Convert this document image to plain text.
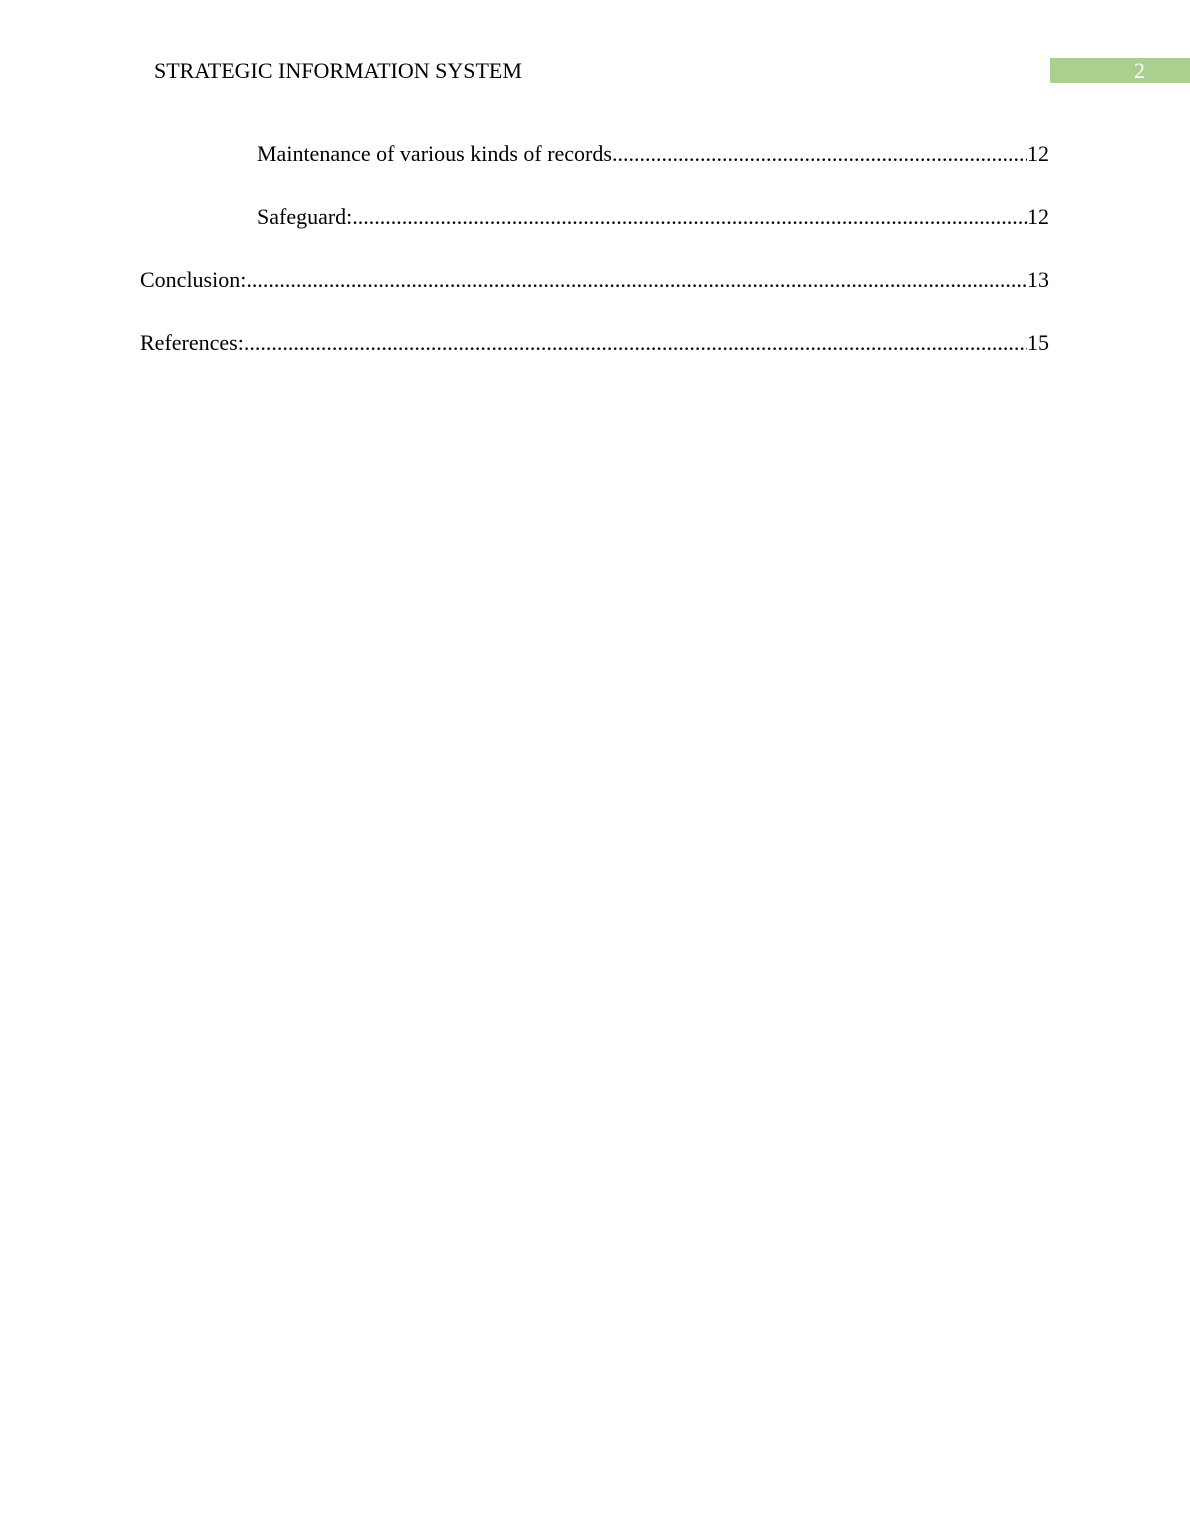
STRATEGIC INFORMATION SYSTEM	2
Maintenance of various kinds of records .....	12
Safeguard: .....	12
Conclusion: .....	13
References: .....	15
